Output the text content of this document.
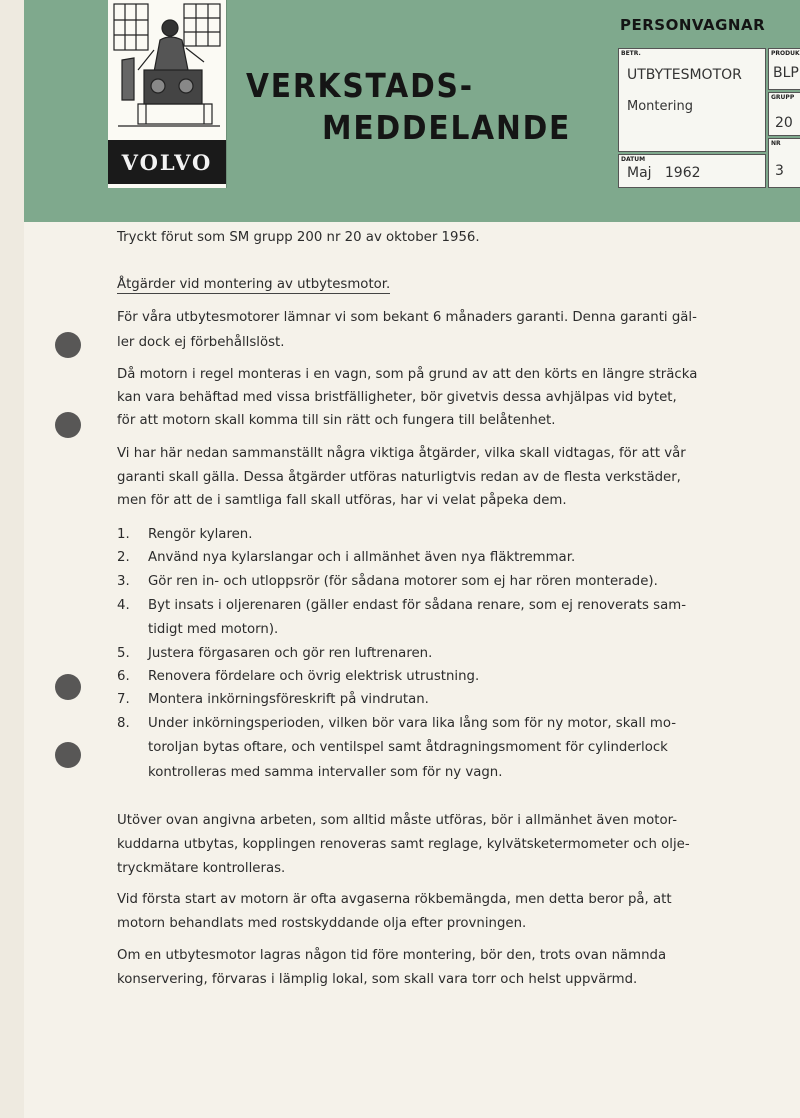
VOLVO
VERKSTADS-
MEDDELANDE
PERSONVAGNAR
BETR.
UTBYTESMOTOR
Montering
DATUM
Maj   1962
PRODUK
BLP
GRUPP
20
NR
3
Tryckt förut som SM grupp 200 nr 20 av oktober 1956.
Åtgärder vid montering av utbytesmotor.
För våra utbytesmotorer lämnar vi som bekant 6 månaders garanti. Denna garanti gäl-
ler dock ej förbehållslöst.
Då motorn i regel monteras i en vagn, som på grund av att den körts en längre sträcka
kan vara behäftad med vissa bristfälligheter, bör givetvis dessa avhjälpas vid bytet,
för att motorn skall komma till sin rätt och fungera till belåtenhet.
Vi har här nedan sammanställt några viktiga åtgärder, vilka skall vidtagas, för att vår
garanti skall gälla. Dessa åtgärder utföras naturligtvis redan av de flesta verkstäder,
men för att de i samtliga fall skall utföras, har vi velat påpeka dem.
1. Rengör kylaren.
2. Använd nya kylarslangar och i allmänhet även nya fläktremmar.
3. Gör ren in- och utloppsrör (för sådana motorer som ej har rören monterade).
4. Byt insats i oljerenaren (gäller endast för sådana renare, som ej renoverats sam-
tidigt med motorn).
5. Justera förgasaren och gör ren luftrenaren.
6. Renovera fördelare och övrig elektrisk utrustning.
7. Montera inkörningsföreskrift på vindrutan.
8. Under inkörningsperioden, vilken bör vara lika lång som för ny motor, skall mo-
toroljan bytas oftare, och ventilspel samt åtdragningsmoment för cylinderlock
kontrolleras med samma intervaller som för ny vagn.
Utöver ovan angivna arbeten, som alltid måste utföras, bör i allmänhet även motor-
kuddarna utbytas, kopplingen renoveras samt reglage, kylvätsketermometer och olje-
tryckmätare kontrolleras.
Vid första start av motorn är ofta avgaserna rökbemängda, men detta beror på, att
motorn behandlats med rostskyddande olja efter provningen.
Om en utbytesmotor lagras någon tid före montering, bör den, trots ovan nämnda
konservering, förvaras i lämplig lokal, som skall vara torr och helst uppvärmd.
